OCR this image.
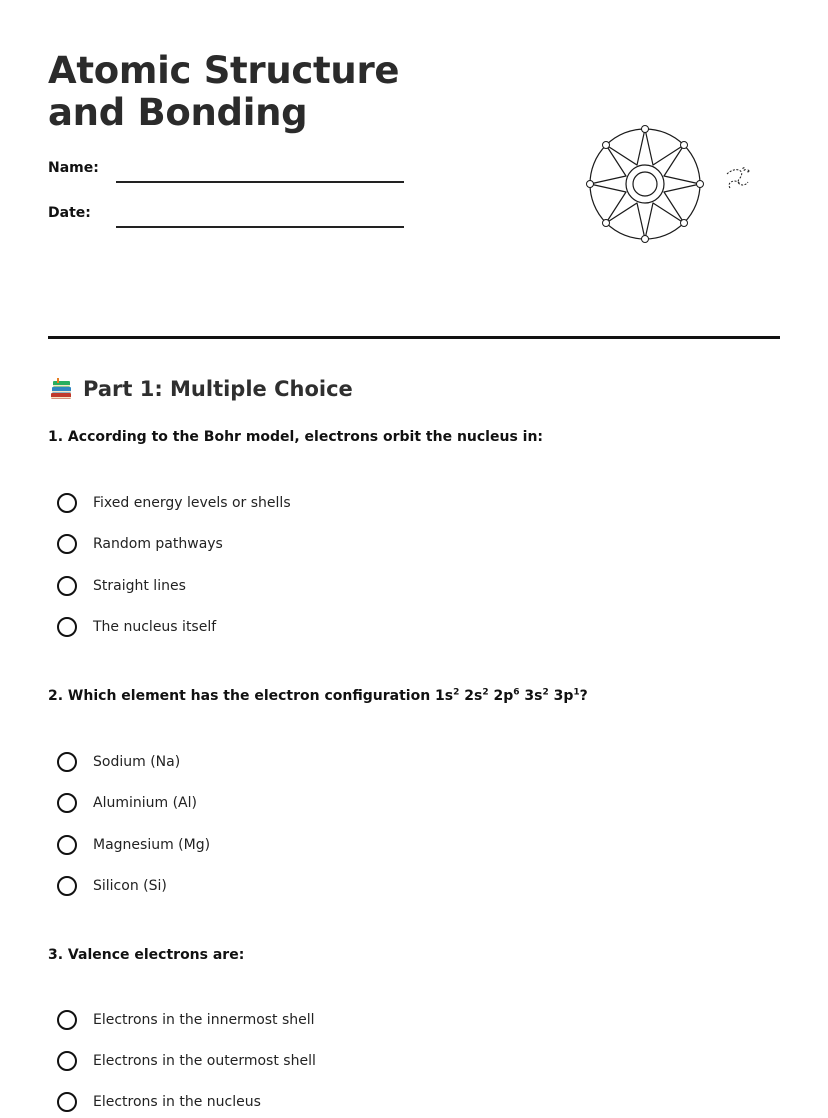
Atomic Structure and Bonding
Name:
Date:
Part 1: Multiple Choice
1. According to the Bohr model, electrons orbit the nucleus in:
Fixed energy levels or shells
Random pathways
Straight lines
The nucleus itself
2. Which element has the electron configuration $1s^2$ $2s^2$ $2p^6$ $3s^2$ $3p^1$?
Sodium (Na)
Aluminium (Al)
Magnesium (Mg)
Silicon (Si)
3. Valence electrons are:
Electrons in the innermost shell
Electrons in the outermost shell
Electrons in the nucleus
